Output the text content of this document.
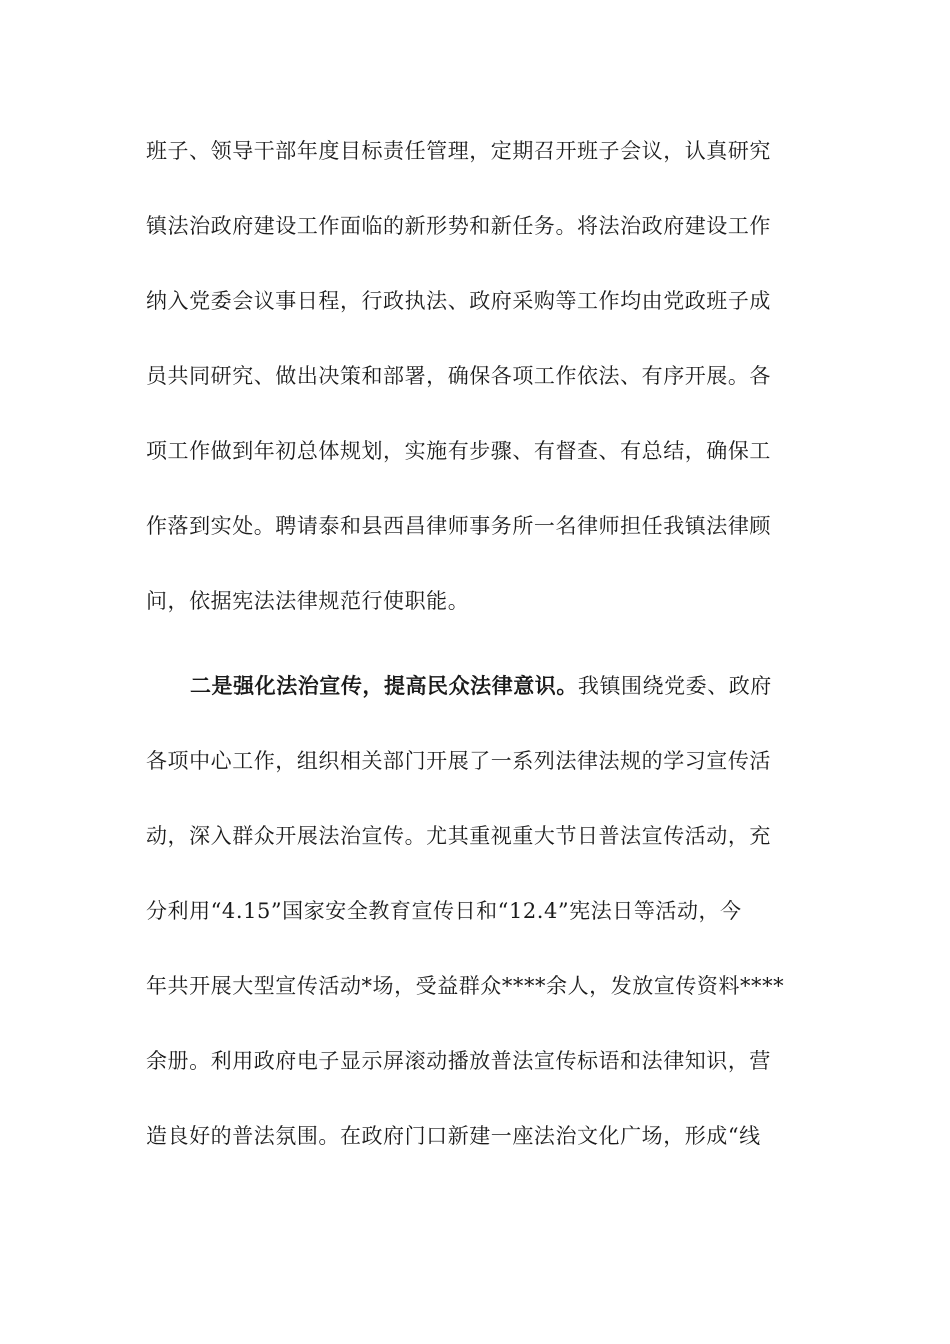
班子、领导干部年度目标责任管理，定期召开班子会议，认真研究
镇法治政府建设工作面临的新形势和新任务。将法治政府建设工作
纳入党委会议事日程，行政执法、政府采购等工作均由党政班子成
员共同研究、做出决策和部署，确保各项工作依法、有序开展。各
项工作做到年初总体规划，实施有步骤、有督查、有总结，确保工
作落到实处。聘请泰和县西昌律师事务所一名律师担任我镇法律顾
问，依据宪法法律规范行使职能。
二是强化法治宣传，提高民众法律意识。我镇围绕党委、政府
各项中心工作，组织相关部门开展了一系列法律法规的学习宣传活
动，深入群众开展法治宣传。尤其重视重大节日普法宣传活动，充
分利用“4.15”国家安全教育宣传日和“12.4”宪法日等活动，今
年共开展大型宣传活动*场，受益群众****余人，发放宣传资料****
余册。利用政府电子显示屏滚动播放普法宣传标语和法律知识，营
造良好的普法氛围。在政府门口新建一座法治文化广场，形成“线
